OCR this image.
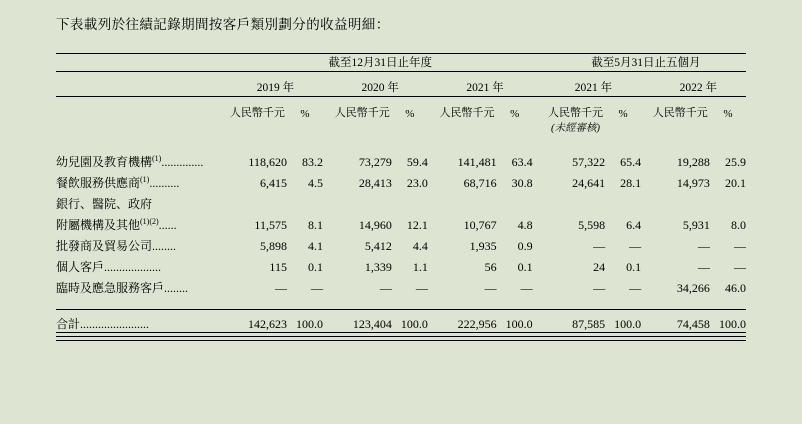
下表載列於往績記錄期間按客戶類別劃分的收益明細：

	截至12月31日止年度									截至5月31日止五個月				

	2019 年			2020 年			2021 年			2021 年			2022 年	

	人民幣千元	%		人民幣千元	%		人民幣千元	%		人民幣千元	%		人民幣千元	%
										(未經審核)				

幼兒園及教育機構$^{(1)}$..............	118,620	83.2		73,279	59.4		141,481	63.4		57,322	65.4		19,288	25.9
餐飲服務供應商$^{(1)}$..........	6,415	4.5		28,413	23.0		68,716	30.8		24,641	28.1		14,973	20.1
銀行、醫院、政府														
附屬機構及其他$^{(1)(2)}$......	11,575	8.1		14,960	12.1		10,767	4.8		5,598	6.4		5,931	8.0
批發商及貿易公司........	5,898	4.1		5,412	4.4		1,935	0.9		—	—		—	—
個人客戶...................	115	0.1		1,339	1.1		56	0.1		24	0.1		—	—
臨時及應急服務客戶........	—	—		—	—		—	—		—	—		34,266	46.0

合計.......................	142,623	100.0		123,404	100.0		222,956	100.0		87,585	100.0		74,458	100.0
